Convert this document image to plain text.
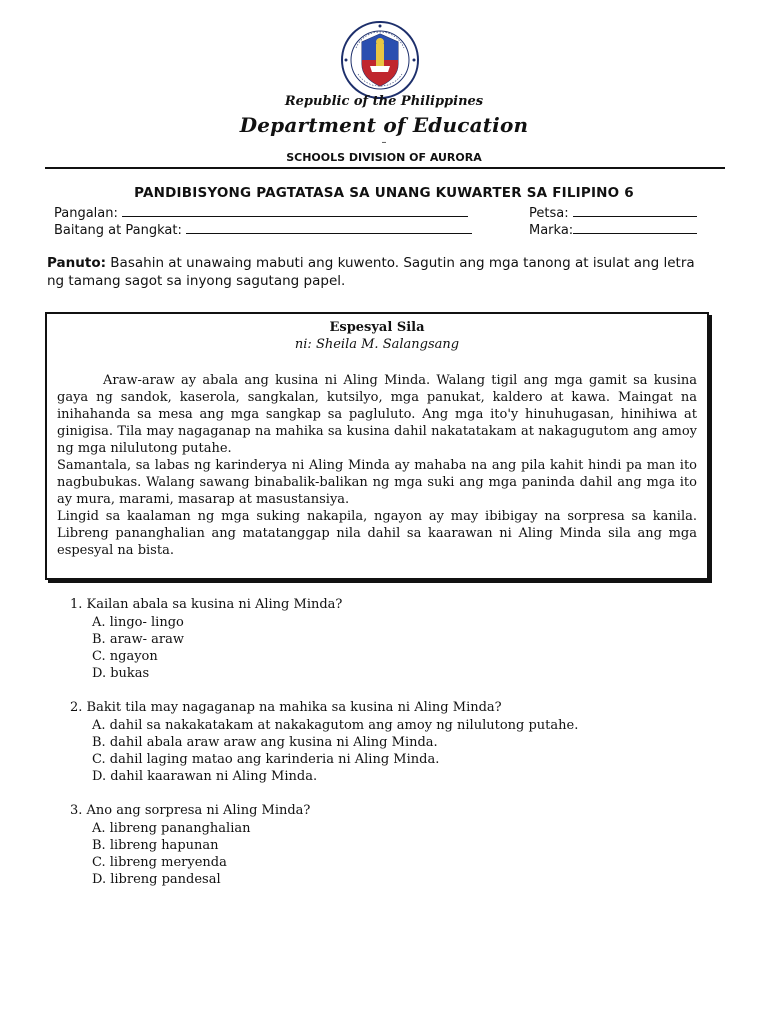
Republic of the Philippines
Department of Education
–
SCHOOLS DIVISION OF AURORA
PANDIBISYONG PAGTATASA SA UNANG KUWARTER SA FILIPINO 6
Pangalan:	Petsa:
Baitang at Pangkat:	Marka:
Panuto: Basahin at unawaing mabuti ang kuwento. Sagutin ang mga tanong at isulat ang letra ng tamang sagot sa inyong sagutang papel.
Espesyal Sila
ni: Sheila M. Salangsang

Araw-araw ay abala ang kusina ni Aling Minda. Walang tigil ang mga gamit sa kusina gaya ng sandok, kaserola, sangkalan, kutsilyo, mga panukat, kaldero at kawa. Maingat na inihahanda sa mesa ang mga sangkap sa pagluluto. Ang mga ito'y hinuhugasan, hinihiwa at ginigisa. Tila may nagaganap na mahika sa kusina dahil nakatatakam at nakagugutom ang amoy ng mga nilulutong putahe.

Samantala, sa labas ng karinderya ni Aling Minda ay mahaba na ang pila kahit hindi pa man ito nagbubukas. Walang sawang binabalik-balikan ng mga suki ang mga paninda dahil ang mga ito ay mura, marami, masarap at masustansiya.

Lingid sa kaalaman ng mga suking nakapila, ngayon ay may ibibigay na sorpresa sa kanila. Libreng pananghalian ang matatanggap nila dahil sa kaarawan ni Aling Minda sila ang mga espesyal na bista.

1. Kailan abala sa kusina ni Aling Minda?
A. lingo- lingo
B. araw- araw
C. ngayon
D. bukas
2. Bakit tila may nagaganap na mahika sa kusina ni Aling Minda?
A. dahil sa nakakatakam at nakakagutom ang amoy ng nilulutong putahe.
B. dahil abala araw araw ang kusina ni Aling Minda.
C. dahil laging matao ang karinderia ni Aling Minda.
D. dahil kaarawan ni Aling Minda.
3. Ano ang sorpresa ni Aling Minda?
A. libreng pananghalian
B. libreng hapunan
C. libreng meryenda
D. libreng pandesal
